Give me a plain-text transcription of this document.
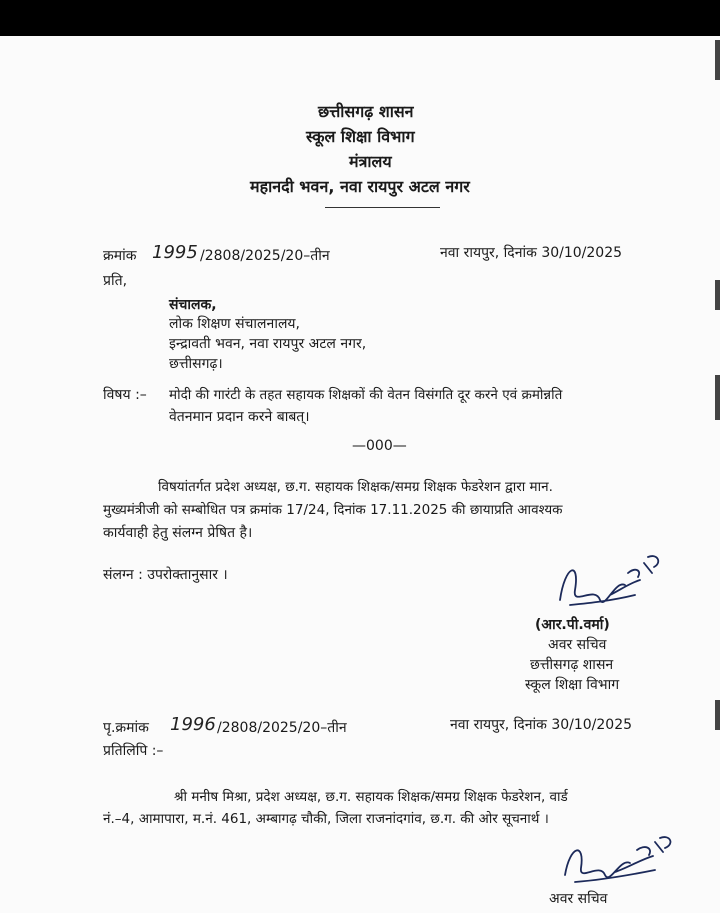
छत्तीसगढ़ शासन
स्कूल शिक्षा विभाग
मंत्रालय
महानदी भवन, नवा रायपुर अटल नगर
क्रमांक 1995 /2808/2025/20–तीन	नवा रायपुर, दिनांक 30/10/2025
प्रति,
संचालक,
लोक शिक्षण संचालनालय,
इन्द्रावती भवन, नवा रायपुर अटल नगर,
छत्तीसगढ़।
विषय :– मोदी की गारंटी के तहत सहायक शिक्षकों की वेतन विसंगति दूर करने एवं क्रमोन्नति
वेतनमान प्रदान करने बाबत्।
—000—
विषयांतर्गत प्रदेश अध्यक्ष, छ.ग. सहायक शिक्षक/समग्र शिक्षक फेडरेशन द्वारा मान.
मुख्यमंत्रीजी को सम्बोधित पत्र क्रमांक 17/24, दिनांक 17.11.2025 की छायाप्रति आवश्यक
कार्यवाही हेतु संलग्न प्रेषित है।
संलग्न : उपरोक्तानुसार ।
(आर.पी.वर्मा)
अवर सचिव
छत्तीसगढ़ शासन
स्कूल शिक्षा विभाग
पृ.क्रमांक 1996 /2808/2025/20–तीन	नवा रायपुर, दिनांक 30/10/2025
प्रतिलिपि :–
श्री मनीष मिश्रा, प्रदेश अध्यक्ष, छ.ग. सहायक शिक्षक/समग्र शिक्षक फेडरेशन, वार्ड
नं.–4, आमापारा, म.नं. 461, अम्बागढ़ चौकी, जिला राजनांदगांव, छ.ग. की ओर सूचनार्थ ।
अवर सचिव
